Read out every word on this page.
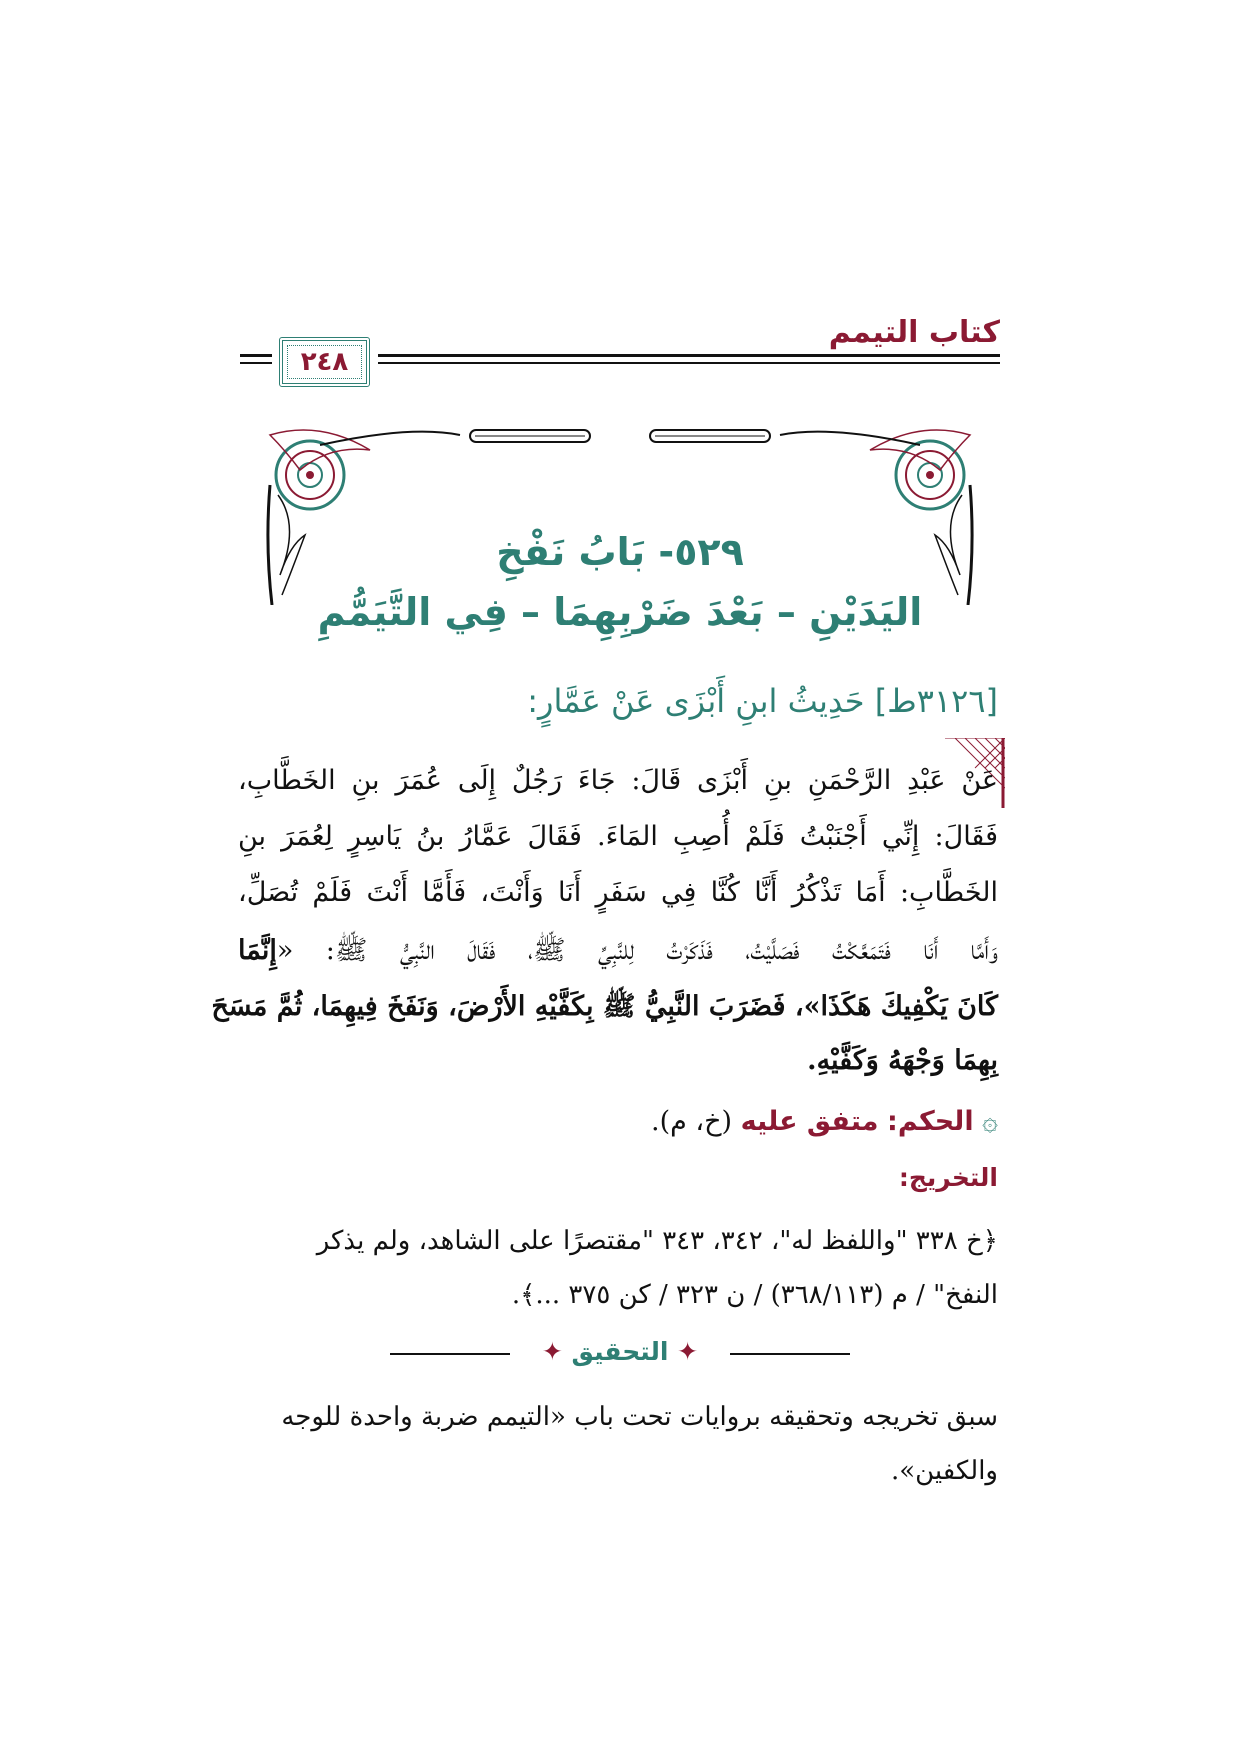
كتاب التيمم
٢٤٨
٥٢٩- بَابُ نَفْخِ
اليَدَيْنِ – بَعْدَ ضَرْبِهِمَا – فِي التَّيَمُّمِ
[٣١٢٦ط] حَدِيثُ ابنِ أَبْزَى عَنْ عَمَّارٍ:
عَنْ عَبْدِ الرَّحْمَنِ بنِ أَبْزَى قَالَ: جَاءَ رَجُلٌ إِلَى عُمَرَ بنِ الخَطَّابِ،
فَقَالَ: إِنِّي أَجْنَبْتُ فَلَمْ أُصِبِ المَاءَ. فَقَالَ عَمَّارُ بنُ يَاسِرٍ لِعُمَرَ بنِ
الخَطَّابِ: أَمَا تَذْكُرُ أَنَّا كُنَّا فِي سَفَرٍ أَنَا وَأَنْتَ، فَأَمَّا أَنْتَ فَلَمْ تُصَلِّ،
وَأَمَّا أَنَا فَتَمَعَّكْتُ فَصَلَّيْتُ، فَذَكَرْتُ لِلنَّبِيِّ ﷺ، فَقَالَ النَّبِيُّ ﷺ: «إِنَّمَا
كَانَ يَكْفِيكَ هَكَذَا»، فَضَرَبَ النَّبِيُّ ﷺ بِكَفَّيْهِ الأَرْضَ، وَنَفَخَ فِيهِمَا، ثُمَّ مَسَحَ
بِهِمَا وَجْهَهُ وَكَفَّيْهِ.
۞ الحكم: متفق عليه (خ، م).
التخريج:
﴿خ ٣٣٨ "واللفظ له"، ٣٤٢، ٣٤٣ "مقتصرًا على الشاهد، ولم يذكر
النفخ" / م (٣٦٨/١١٣) / ن ٣٢٣ / كن ٣٧٥ ...﴾.
✦ التحقيق ✦
سبق تخريجه وتحقيقه بروايات تحت باب «التيمم ضربة واحدة للوجه
والكفين».
